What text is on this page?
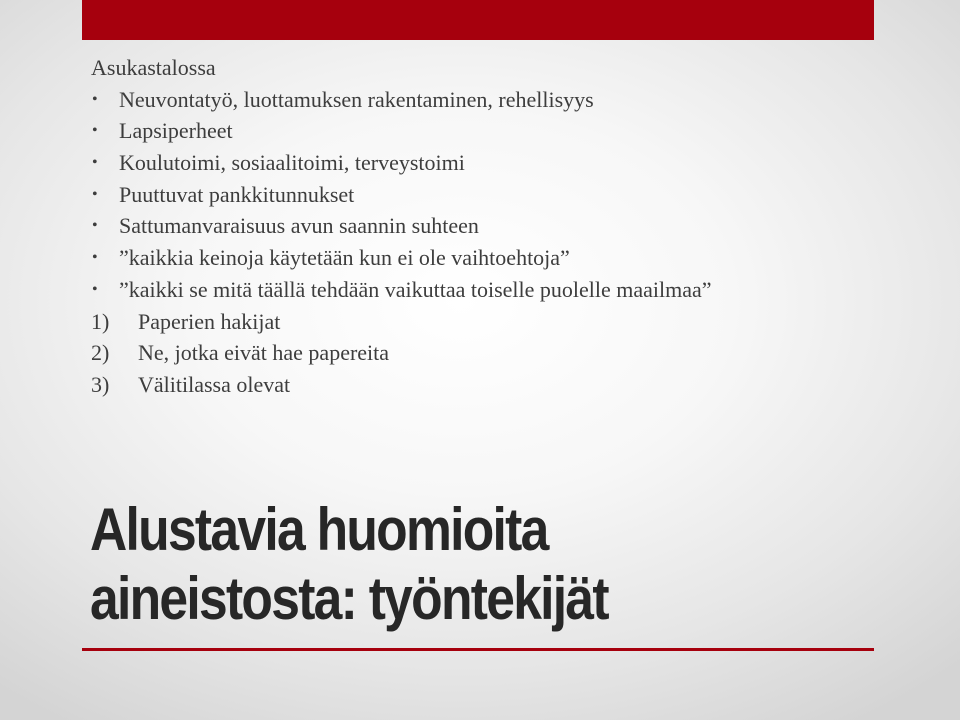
Asukastalossa
• Neuvontatyö, luottamuksen rakentaminen, rehellisyys
• Lapsiperheet
• Koulutoimi, sosiaalitoimi, terveystoimi
• Puuttuvat pankkitunnukset
• Sattumanvaraisuus avun saannin suhteen
• ”kaikkia keinoja käytetään kun ei ole vaihtoehtoja”
• ”kaikki se mitä täällä tehdään vaikuttaa toiselle puolelle maailmaa”
1) Paperien hakijat
2) Ne, jotka eivät hae papereita
3) Välitilassa olevat
Alustavia huomioita
aineistosta: työntekijät
